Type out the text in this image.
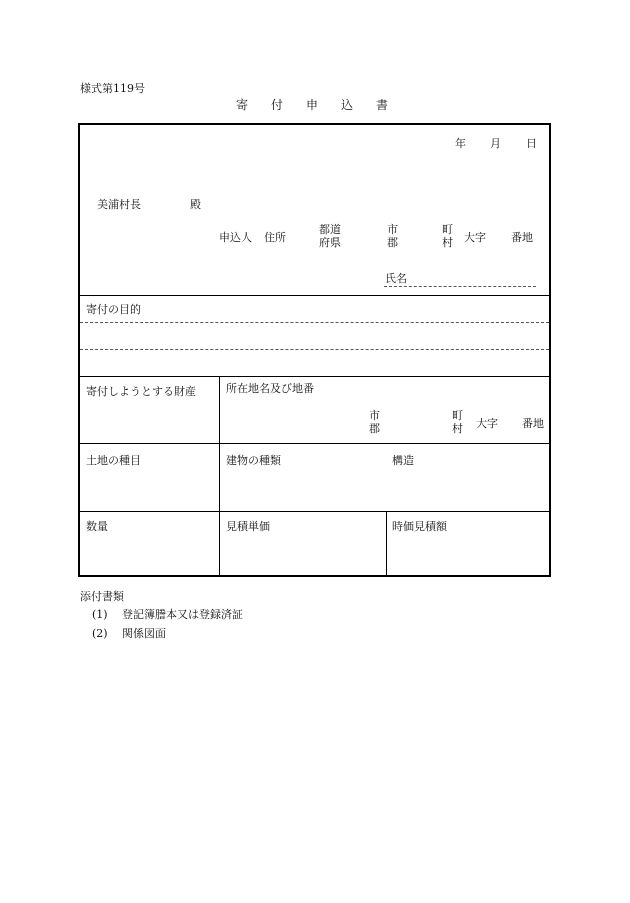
様式第119号
寄付申込書
年 月 日
美浦村長	殿
申込人 住所
都道
府県
市
郡
町
村 大字 番地
氏名
寄付の目的
寄付しようとする財産	所在地名及び地番
市
郡
町
村 大字 番地
土地の種目	建物の種類	構造
数量	見積単価	時価見積額
添付書類
(1) 登記簿謄本又は登録済証
(2) 関係図面
